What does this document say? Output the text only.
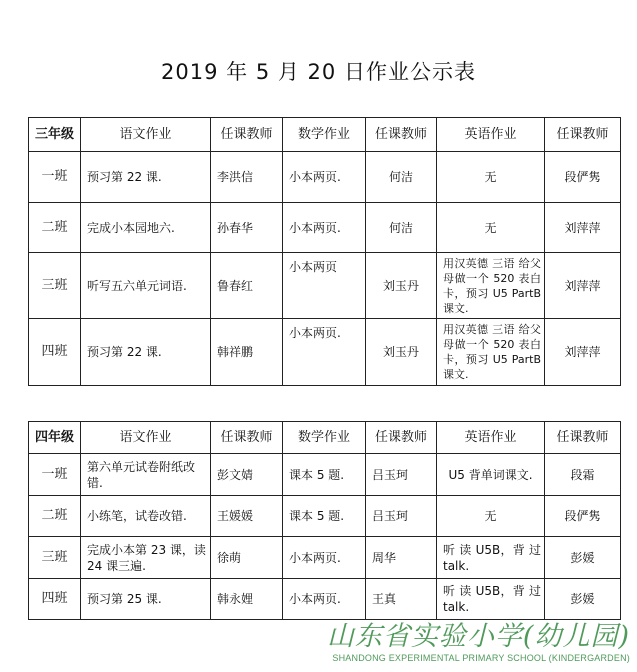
2019 年 5 月 20 日作业公示表
三年级	语文作业	任课教师	数学作业	任课教师	英语作业	任课教师
一班	预习第 22 课.	李洪信	小本两页.	何洁	无	段俨隽
二班	完成小本园地六.	孙春华	小本两页.	何洁	无	刘萍萍
三班	听写五六单元词语.	鲁春红	小本两页	刘玉丹	用汉英德 三语 给父母做一个 520 表白卡，预习 U5 PartB课文.	刘萍萍
四班	预习第 22 课.	韩祥鹏	小本两页.	刘玉丹	用汉英德 三语 给父母做一个 520 表白卡，预习 U5 PartB课文.	刘萍萍
四年级	语文作业	任课教师	数学作业	任课教师	英语作业	任课教师
一班	第六单元试卷附纸改错.	彭文婧	课本 5 题.	吕玉珂	U5 背单词课文.	段霜
二班	小练笔，试卷改错.	王媛媛	课本 5 题.	吕玉珂	无	段俨隽
三班	完成小本第 23 课，读 24 课三遍.	徐萌	小本两页.	周华	听 读 U5B，背 过 talk.	彭媛
四班	预习第 25 课.	韩永娌	小本两页.	王真	听 读 U5B，背 过 talk.	彭媛
山东省实验小学(幼儿园)
SHANDONG EXPERIMENTAL PRIMARY SCHOOL (KINDERGARDEN)
